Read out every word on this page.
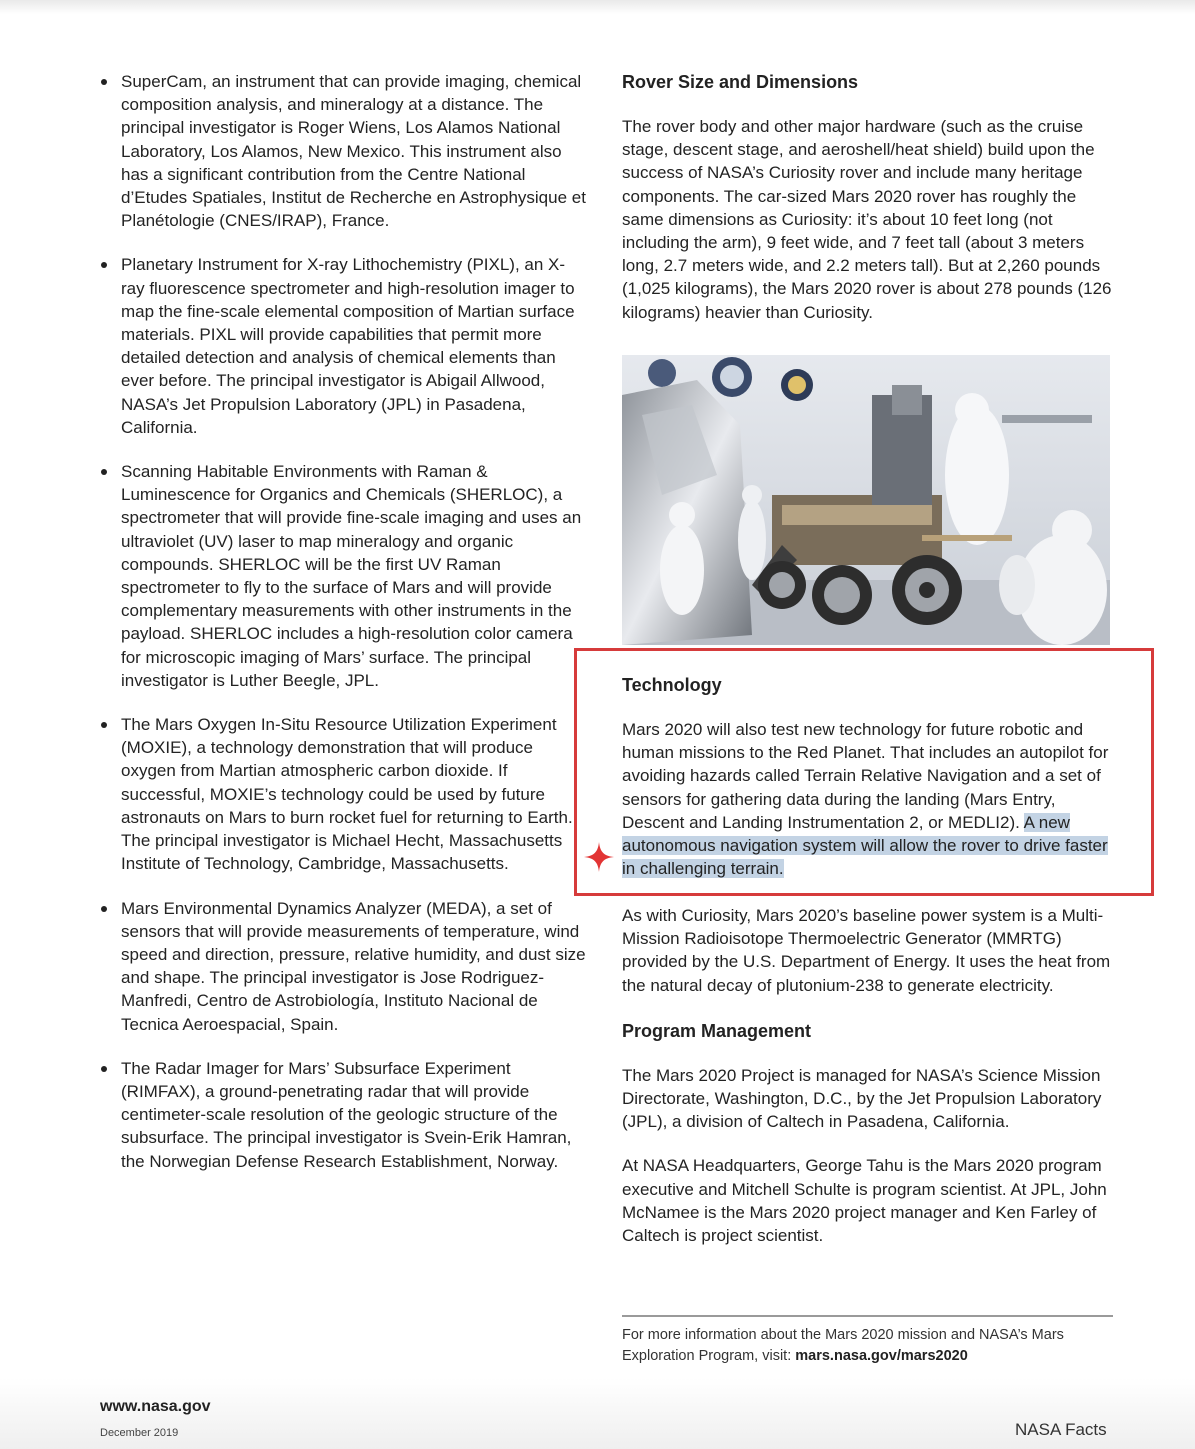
SuperCam, an instrument that can provide imaging, chemical composition analysis, and mineralogy at a distance. The principal investigator is Roger Wiens, Los Alamos National Laboratory, Los Alamos, New Mexico. This instrument also has a significant contribution from the Centre National d’Etudes Spatiales, Institut de Recherche en Astrophysique et Planétologie (CNES/IRAP), France.
Planetary Instrument for X-ray Lithochemistry (PIXL), an X-ray fluorescence spectrometer and high-resolution imager to map the fine-scale elemental composition of Martian surface materials. PIXL will provide capabilities that permit more detailed detection and analysis of chemical elements than ever before. The principal investigator is Abigail Allwood, NASA’s Jet Propulsion Laboratory (JPL) in Pasadena, California.
Scanning Habitable Environments with Raman & Luminescence for Organics and Chemicals (SHERLOC), a spectrometer that will provide fine-scale imaging and uses an ultraviolet (UV) laser to map mineralogy and organic compounds. SHERLOC will be the first UV Raman spectrometer to fly to the surface of Mars and will provide complementary measurements with other instruments in the payload. SHERLOC includes a high-resolution color camera for microscopic imaging of Mars’ surface. The principal investigator is Luther Beegle, JPL.
The Mars Oxygen In-Situ Resource Utilization Experiment (MOXIE), a technology demonstration that will produce oxygen from Martian atmospheric carbon dioxide. If successful, MOXIE’s technology could be used by future astronauts on Mars to burn rocket fuel for returning to Earth. The principal investigator is Michael Hecht, Massachusetts Institute of Technology, Cambridge, Massachusetts.
Mars Environmental Dynamics Analyzer (MEDA), a set of sensors that will provide measurements of temperature, wind speed and direction, pressure, relative humidity, and dust size and shape. The principal investigator is Jose Rodriguez-Manfredi, Centro de Astrobiología, Instituto Nacional de Tecnica Aeroespacial, Spain.
The Radar Imager for Mars’ Subsurface Experiment (RIMFAX), a ground-penetrating radar that will provide centimeter-scale resolution of the geologic structure of the subsurface. The principal investigator is Svein-Erik Hamran, the Norwegian Defense Research Establishment, Norway.
Rover Size and Dimensions

The rover body and other major hardware (such as the cruise stage, descent stage, and aeroshell/heat shield) build upon the success of NASA’s Curiosity rover and include many heritage components. The car-sized Mars 2020 rover has roughly the same dimensions as Curiosity: it’s about 10 feet long (not including the arm), 9 feet wide, and 7 feet tall (about 3 meters long, 2.7 meters wide, and 2.2 meters tall). But at 2,260 pounds (1,025 kilograms), the Mars 2020 rover is about 278 pounds (126 kilograms) heavier than Curiosity.

Technology

Mars 2020 will also test new technology for future robotic and human missions to the Red Planet. That includes an autopilot for avoiding hazards called Terrain Relative Navigation and a set of sensors for gathering data during the landing (Mars Entry, Descent and Landing Instrumentation 2, or MEDLI2). A new autonomous navigation system will allow the rover to drive faster in challenging terrain.

As with Curiosity, Mars 2020’s baseline power system is a Multi-Mission Radioisotope Thermoelectric Generator (MMRTG) provided by the U.S. Department of Energy. It uses the heat from the natural decay of plutonium-238 to generate electricity.

Program Management

The Mars 2020 Project is managed for NASA’s Science Mission Directorate, Washington, D.C., by the Jet Propulsion Laboratory (JPL), a division of Caltech in Pasadena, California.

At NASA Headquarters, George Tahu is the Mars 2020 program executive and Mitchell Schulte is program scientist. At JPL, John McNamee is the Mars 2020 project manager and Ken Farley of Caltech is project scientist.

For more information about the Mars 2020 mission and NASA’s Mars Exploration Program, visit: mars.nasa.gov/mars2020
www.nasa.gov
December 2019	NASA Facts
